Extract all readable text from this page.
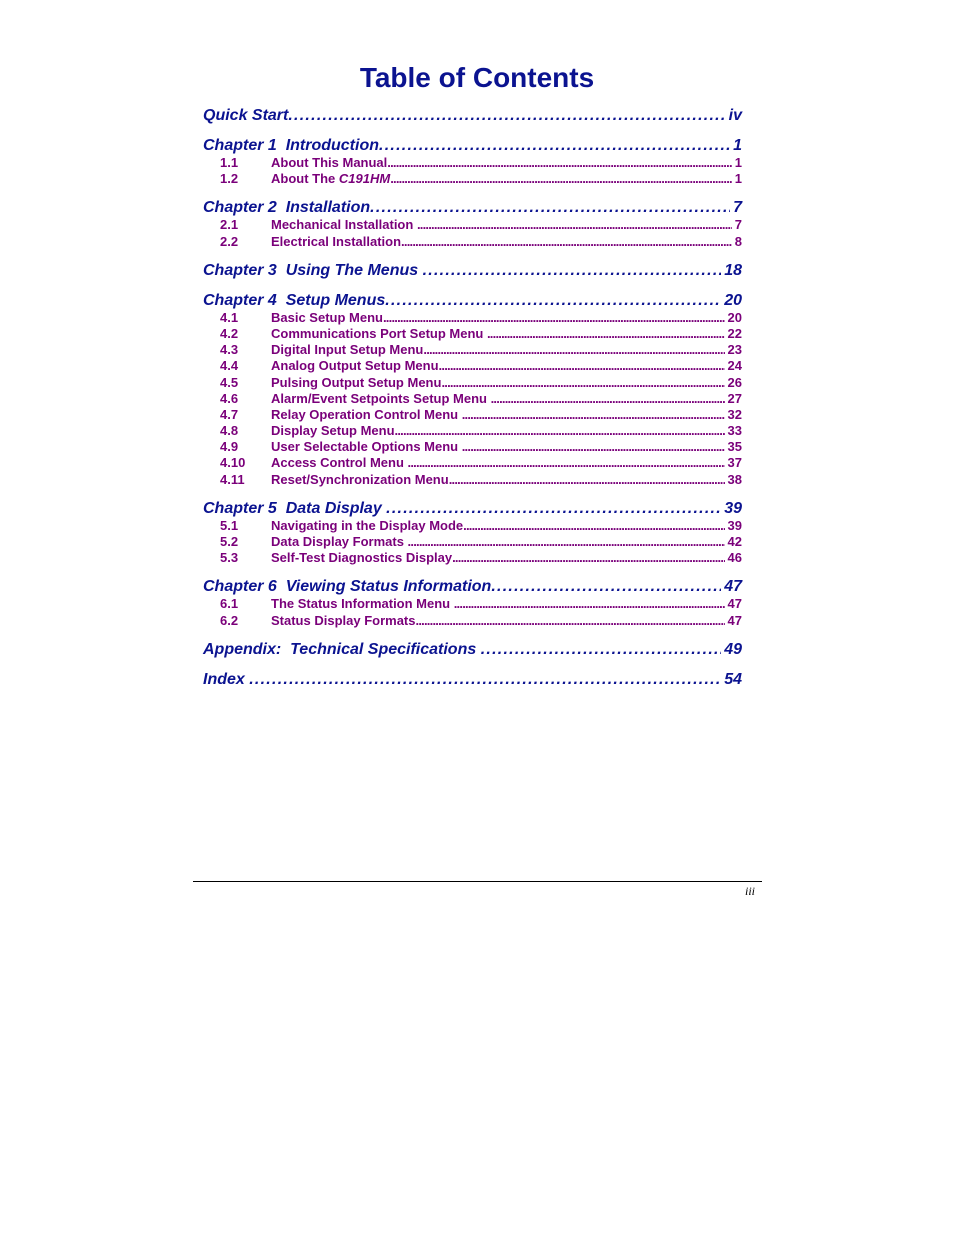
Table of Contents
Quick Start . . .	iv
Chapter 1  Introduction . . .	1
1.1	About This Manual . . .	1
1.2	About The C191HM . . .	1
Chapter 2  Installation . . .	7
2.1	Mechanical Installation . . .	7
2.2	Electrical Installation . . .	8
Chapter 3  Using The Menus . . .	18
Chapter 4  Setup Menus . . .	20
4.1	Basic Setup Menu . . .	20
4.2	Communications Port Setup Menu . . .	22
4.3	Digital Input Setup Menu . . .	23
4.4	Analog Output Setup Menu . . .	24
4.5	Pulsing Output Setup Menu . . .	26
4.6	Alarm/Event Setpoints Setup Menu . . .	27
4.7	Relay Operation Control Menu . . .	32
4.8	Display Setup Menu . . .	33
4.9	User Selectable Options Menu . . .	35
4.10	Access Control Menu . . .	37
4.11	Reset/Synchronization Menu . . .	38
Chapter 5  Data Display . . .	39
5.1	Navigating in the Display Mode . . .	39
5.2	Data Display Formats . . .	42
5.3	Self-Test Diagnostics Display . . .	46
Chapter 6  Viewing Status Information . . .	47
6.1	The Status Information Menu . . .	47
6.2	Status Display Formats . . .	47
Appendix:  Technical Specifications . . .	49
Index . . .	54
iii
